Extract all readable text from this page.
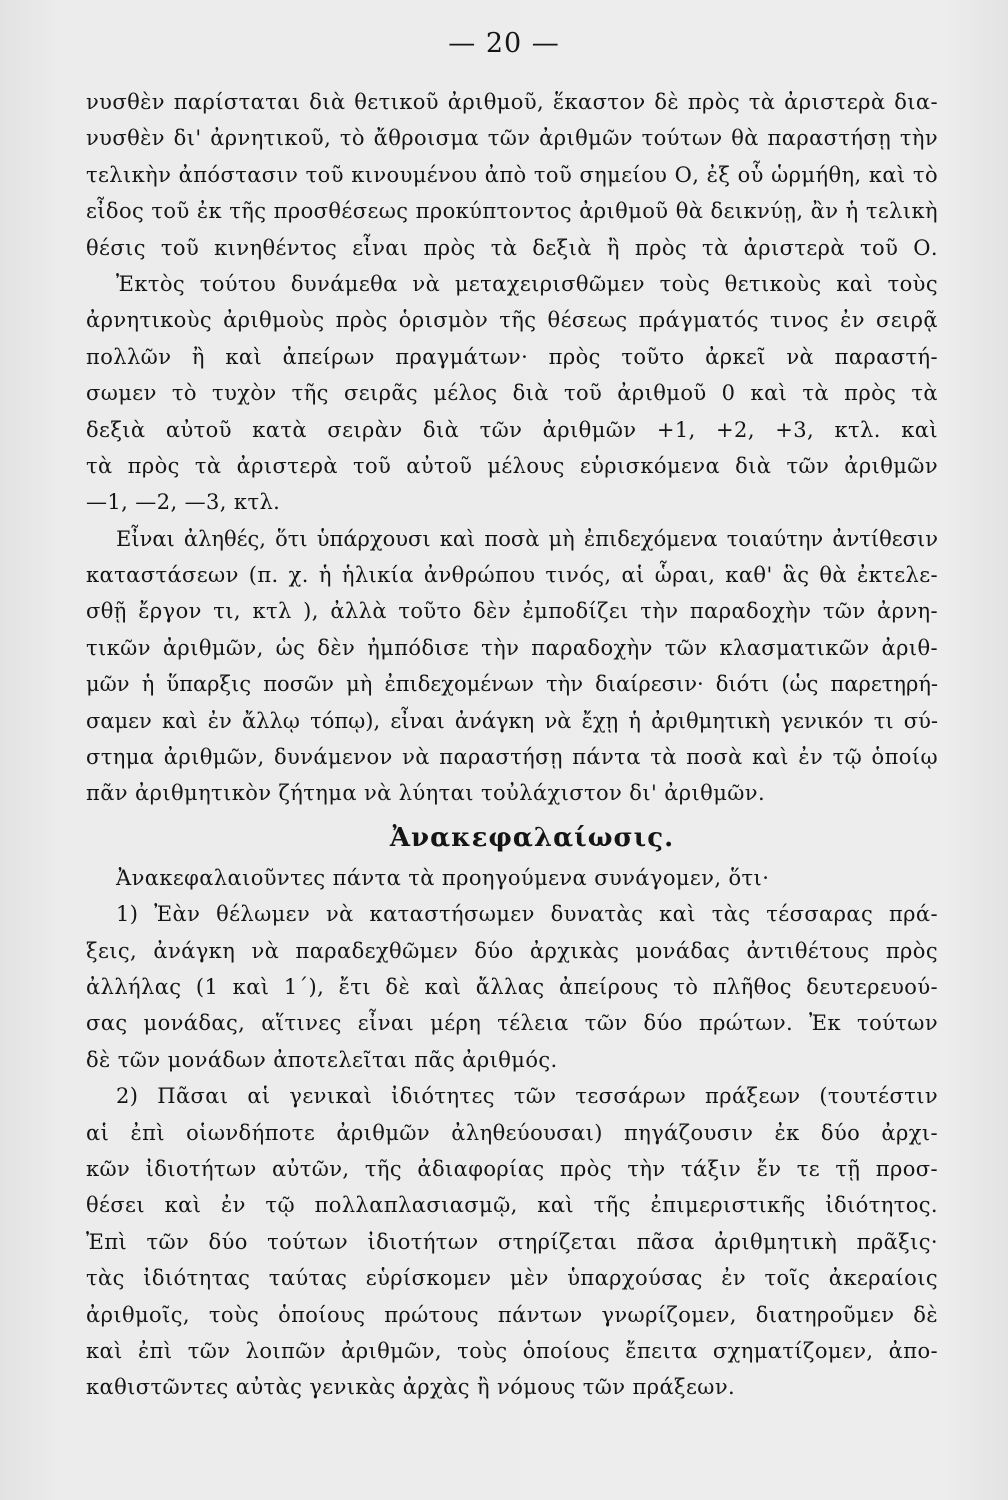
— 20 —
νυσθὲν παρίσταται διὰ θετικοῦ ἀριθμοῦ, ἕκαστον δὲ πρὸς τὰ ἀριστερὰ δια-
νυσθὲν δι' ἀρνητικοῦ, τὸ ἄθροισμα τῶν ἀριθμῶν τούτων θὰ παραστήσῃ τὴν
τελικὴν ἀπόστασιν τοῦ κινουμένου ἀπὸ τοῦ σημείου Ο, ἐξ οὗ ὡρμήθη, καὶ τὸ
εἶδος τοῦ ἐκ τῆς προσθέσεως προκύπτοντος ἀριθμοῦ θὰ δεικνύῃ, ἂν ἡ τελικὴ
θέσις τοῦ κινηθέντος εἶναι πρὸς τὰ δεξιὰ ἢ πρὸς τὰ ἀριστερὰ τοῦ Ο.
Ἐκτὸς τούτου δυνάμεθα νὰ μεταχειρισθῶμεν τοὺς θετικοὺς καὶ τοὺς
ἀρνητικοὺς ἀριθμοὺς πρὸς ὁρισμὸν τῆς θέσεως πράγματός τινος ἐν σειρᾷ
πολλῶν ἢ καὶ ἀπείρων πραγμάτων· πρὸς τοῦτο ἀρκεῖ νὰ παραστή-
σωμεν τὸ τυχὸν τῆς σειρᾶς μέλος διὰ τοῦ ἀριθμοῦ 0 καὶ τὰ πρὸς τὰ
δεξιὰ αὐτοῦ κατὰ σειρὰν διὰ τῶν ἀριθμῶν +1, +2, +3, κτλ. καὶ
τὰ πρὸς τὰ ἀριστερὰ τοῦ αὐτοῦ μέλους εὑρισκόμενα διὰ τῶν ἀριθμῶν
—1, —2, —3, κτλ.
Εἶναι ἀληθές, ὅτι ὑπάρχουσι καὶ ποσὰ μὴ ἐπιδεχόμενα τοιαύτην ἀντίθεσιν
καταστάσεων (π. χ. ἡ ἡλικία ἀνθρώπου τινός, αἱ ὧραι, καθ' ἃς θὰ ἐκτελε-
σθῇ ἔργον τι, κτλ ), ἀλλὰ τοῦτο δὲν ἐμποδίζει τὴν παραδοχὴν τῶν ἀρνη-
τικῶν ἀριθμῶν, ὡς δὲν ἠμπόδισε τὴν παραδοχὴν τῶν κλασματικῶν ἀριθ-
μῶν ἡ ὕπαρξις ποσῶν μὴ ἐπιδεχομένων τὴν διαίρεσιν· διότι (ὡς παρετηρή-
σαμεν καὶ ἐν ἄλλῳ τόπῳ), εἶναι ἀνάγκη νὰ ἔχῃ ἡ ἀριθμητικὴ γενικόν τι σύ-
στημα ἀριθμῶν, δυνάμενον νὰ παραστήσῃ πάντα τὰ ποσὰ καὶ ἐν τῷ ὁποίῳ
πᾶν ἀριθμητικὸν ζήτημα νὰ λύηται τοὐλάχιστον δι' ἀριθμῶν.
Ἀνακεφαλαίωσις.
Ἀνακεφαλαιοῦντες πάντα τὰ προηγούμενα συνάγομεν, ὅτι·
1) Ἐὰν θέλωμεν νὰ καταστήσωμεν δυνατὰς καὶ τὰς τέσσαρας πρά-
ξεις, ἀνάγκη νὰ παραδεχθῶμεν δύο ἀρχικὰς μονάδας ἀντιθέτους πρὸς
ἀλλήλας (1 καὶ 1´), ἔτι δὲ καὶ ἄλλας ἀπείρους τὸ πλῆθος δευτερευού-
σας μονάδας, αἵτινες εἶναι μέρη τέλεια τῶν δύο πρώτων. Ἐκ τούτων
δὲ τῶν μονάδων ἀποτελεῖται πᾶς ἀριθμός.
2) Πᾶσαι αἱ γενικαὶ ἰδιότητες τῶν τεσσάρων πράξεων (τουτέστιν
αἱ ἐπὶ οἱωνδήποτε ἀριθμῶν ἀληθεύουσαι) πηγάζουσιν ἐκ δύο ἀρχι-
κῶν ἰδιοτήτων αὐτῶν, τῆς ἀδιαφορίας πρὸς τὴν τάξιν ἔν τε τῇ προσ-
θέσει καὶ ἐν τῷ πολλαπλασιασμῷ, καὶ τῆς ἐπιμεριστικῆς ἰδιότητος.
Ἐπὶ τῶν δύο τούτων ἰδιοτήτων στηρίζεται πᾶσα ἀριθμητικὴ πρᾶξις·
τὰς ἰδιότητας ταύτας εὑρίσκομεν μὲν ὑπαρχούσας ἐν τοῖς ἀκεραίοις
ἀριθμοῖς, τοὺς ὁποίους πρώτους πάντων γνωρίζομεν, διατηροῦμεν δὲ
καὶ ἐπὶ τῶν λοιπῶν ἀριθμῶν, τοὺς ὁποίους ἔπειτα σχηματίζομεν, ἀπο-
καθιστῶντες αὐτὰς γενικὰς ἀρχὰς ἢ νόμους τῶν πράξεων.
